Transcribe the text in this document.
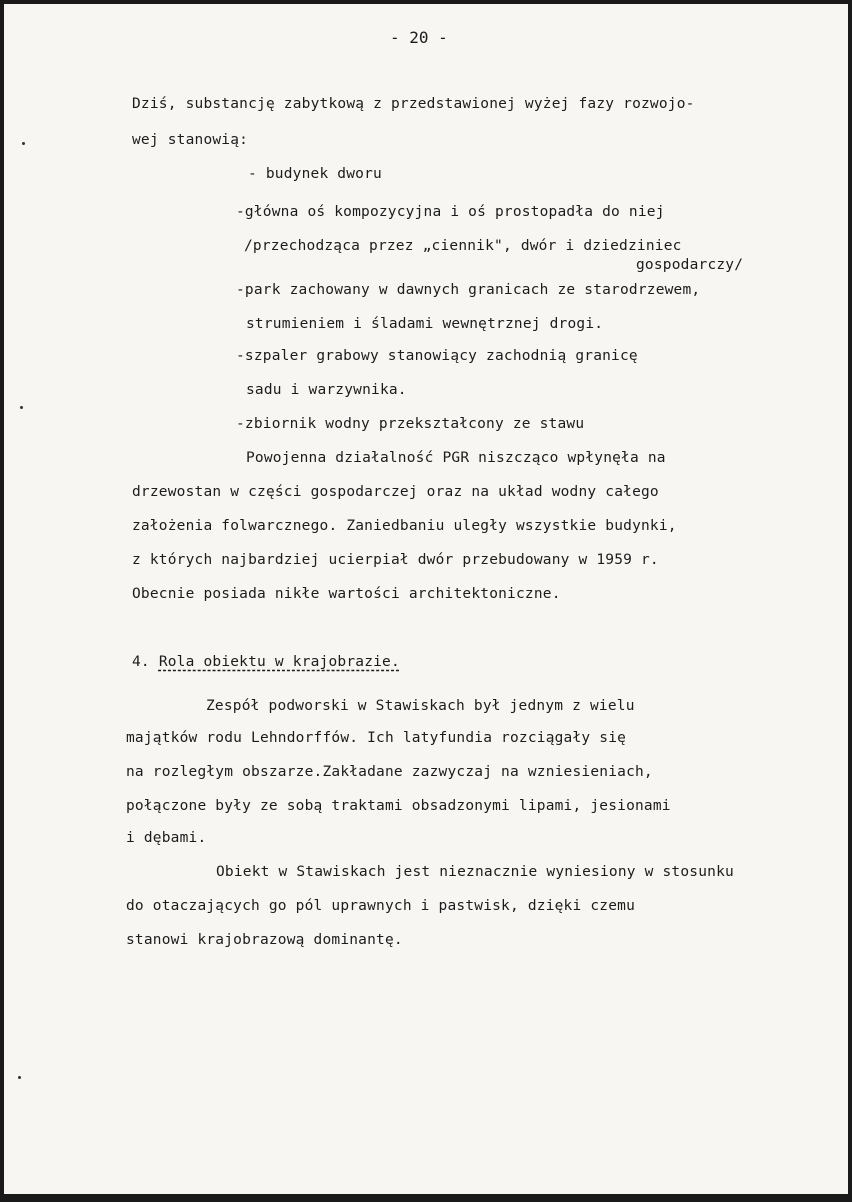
- 20 -
Dziś, substancję zabytkową z przedstawionej wyżej fazy rozwojo-
wej stanowią:
- budynek dworu
-główna oś kompozycyjna i oś prostopadła do niej
/przechodząca przez „ciennik", dwór i dziedziniec
gospodarczy/
-park zachowany w dawnych granicach ze starodrzewem,
strumieniem i śladami wewnętrznej drogi.
-szpaler grabowy stanowiący zachodnią granicę
sadu i warzywnika.
-zbiornik wodny przekształcony ze stawu
Powojenna działalność PGR niszcząco wpłynęła na
drzewostan w części gospodarczej oraz na układ wodny całego
założenia folwarcznego. Zaniedbaniu uległy wszystkie budynki,
z których najbardziej ucierpiał dwór przebudowany w 1959 r.
Obecnie posiada nikłe wartości architektoniczne.
4. Rola obiektu w krajobrazie.
Zespół podworski w Stawiskach był jednym z wielu
majątków rodu Lehndorffów. Ich latyfundia rozciągały się
na rozległym obszarze.Zakładane zazwyczaj na wzniesieniach,
połączone były ze sobą traktami obsadzonymi lipami, jesionami
i dębami.
Obiekt w Stawiskach jest nieznacznie wyniesiony w stosunku
do otaczających go pól uprawnych i pastwisk, dzięki czemu
stanowi krajobrazową dominantę.
